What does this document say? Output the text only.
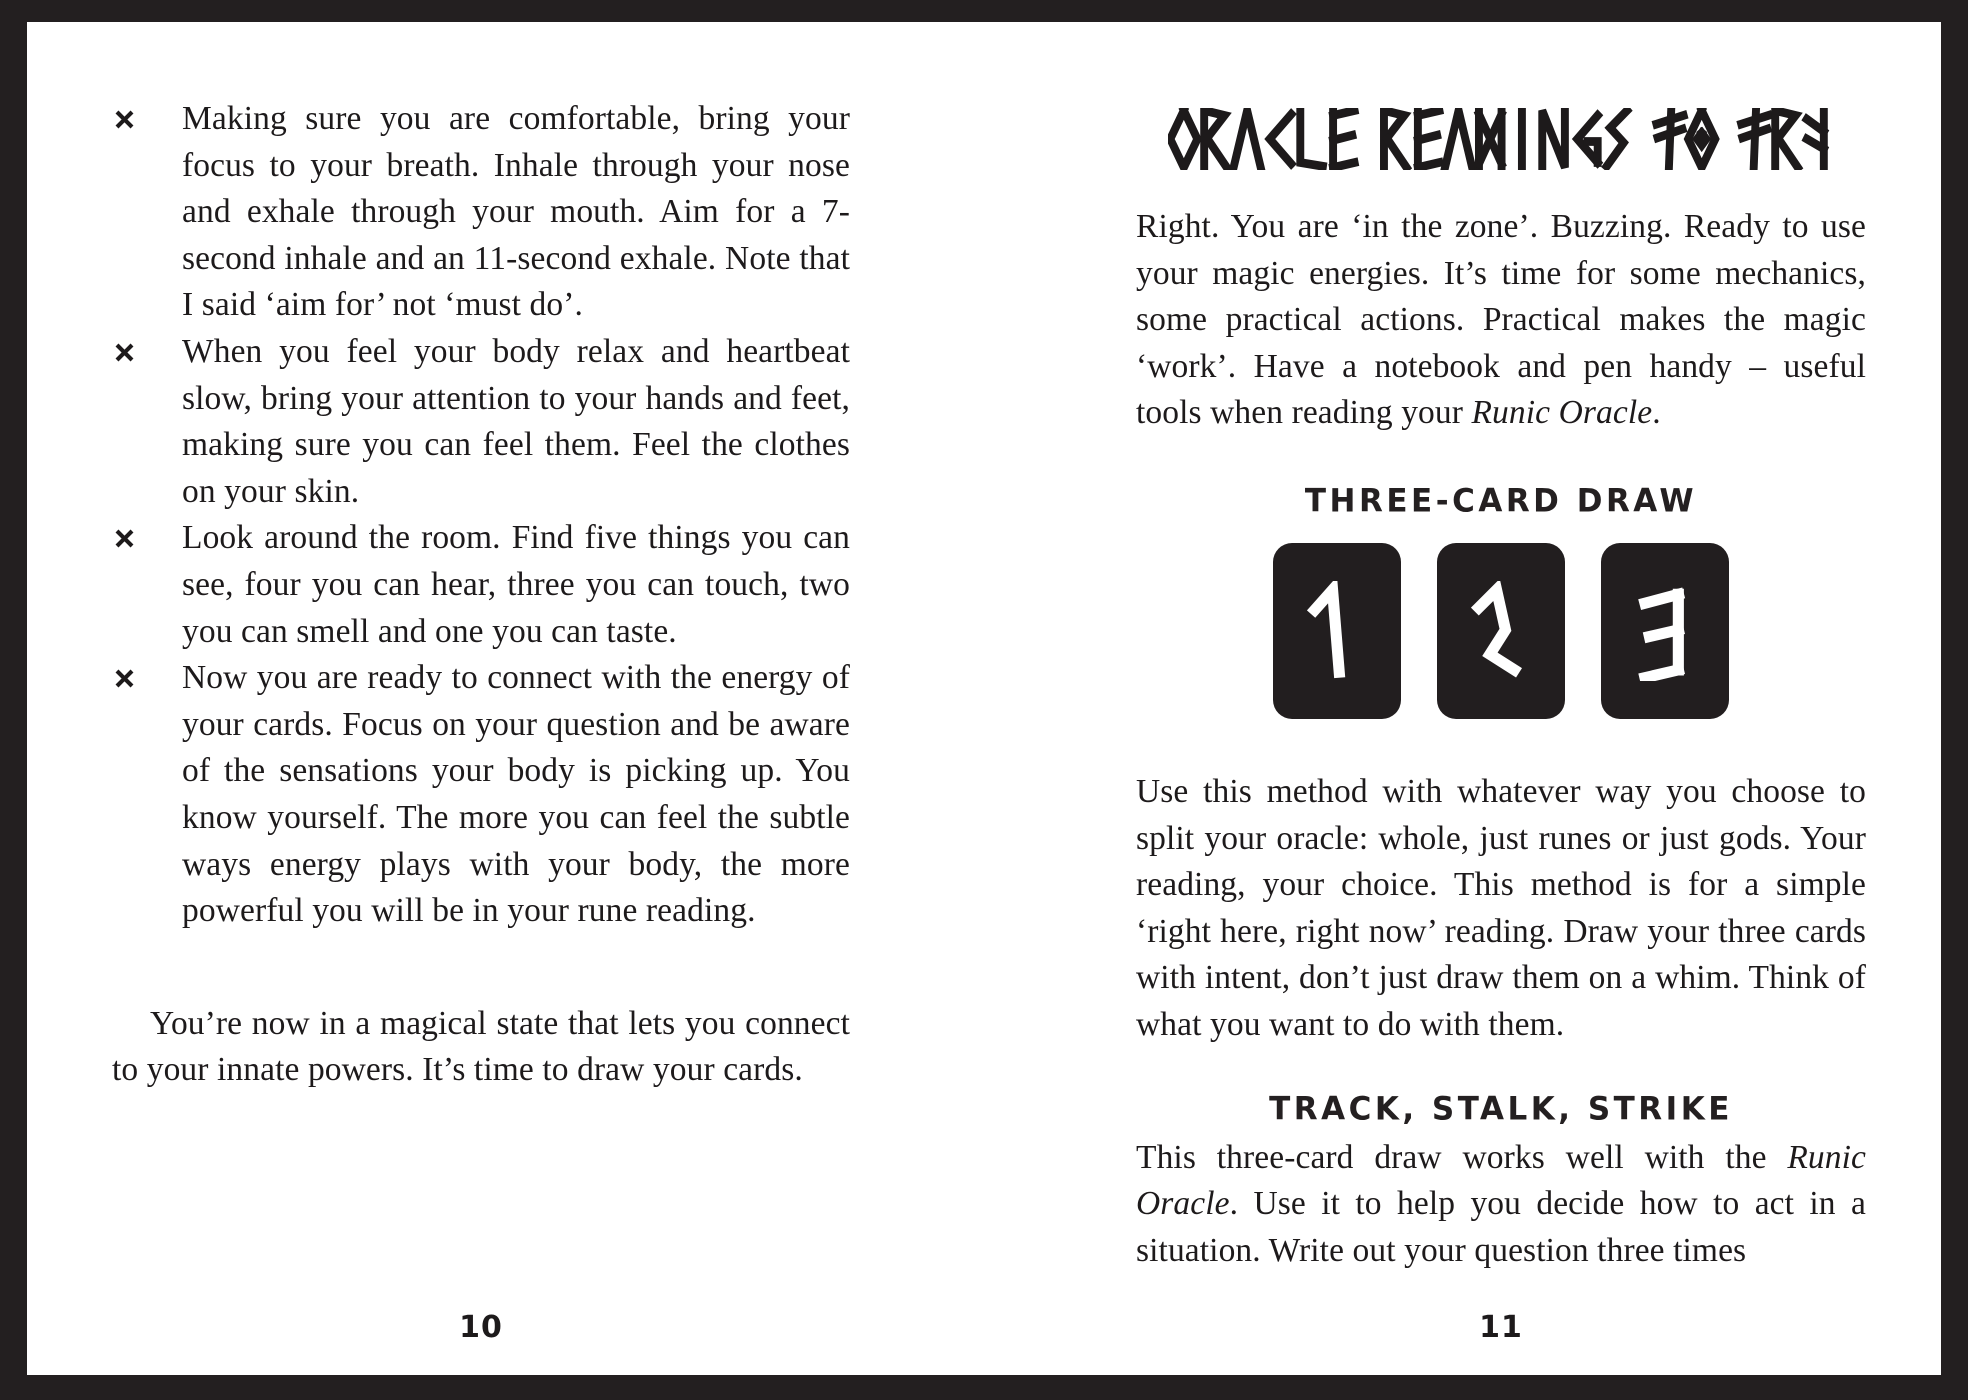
Making sure you are comfortable, bring your focus to your breath. Inhale through your nose and exhale through your mouth. Aim for a 7-second inhale and an 11-second exhale. Note that I said ‘aim for’ not ‘must do’.
When you feel your body relax and heartbeat slow, bring your attention to your hands and feet, making sure you can feel them. Feel the clothes on your skin.
Look around the room. Find five things you can see, four you can hear, three you can touch, two you can smell and one you can taste.
Now you are ready to connect with the energy of your cards. Focus on your question and be aware of the sensations your body is picking up. You know yourself. The more you can feel the subtle ways energy plays with your body, the more powerful you will be in your rune reading.

You’re now in a magical state that lets you connect to your innate powers. It’s time to draw your cards.

10

Right. You are ‘in the zone’. Buzzing. Ready to use your magic energies. It’s time for some mechanics, some practical actions. Practical makes the magic ‘work’. Have a notebook and pen handy – useful tools when reading your Runic Oracle.

THREE-CARD DRAW

Use this method with whatever way you choose to split your oracle: whole, just runes or just gods. Your reading, your choice. This method is for a simple ‘right here, right now’ reading. Draw your three cards with intent, don’t just draw them on a whim. Think of what you want to do with them.

TRACK, STALK, STRIKE

This three-card draw works well with the Runic Oracle. Use it to help you decide how to act in a situation. Write out your question three times

11
